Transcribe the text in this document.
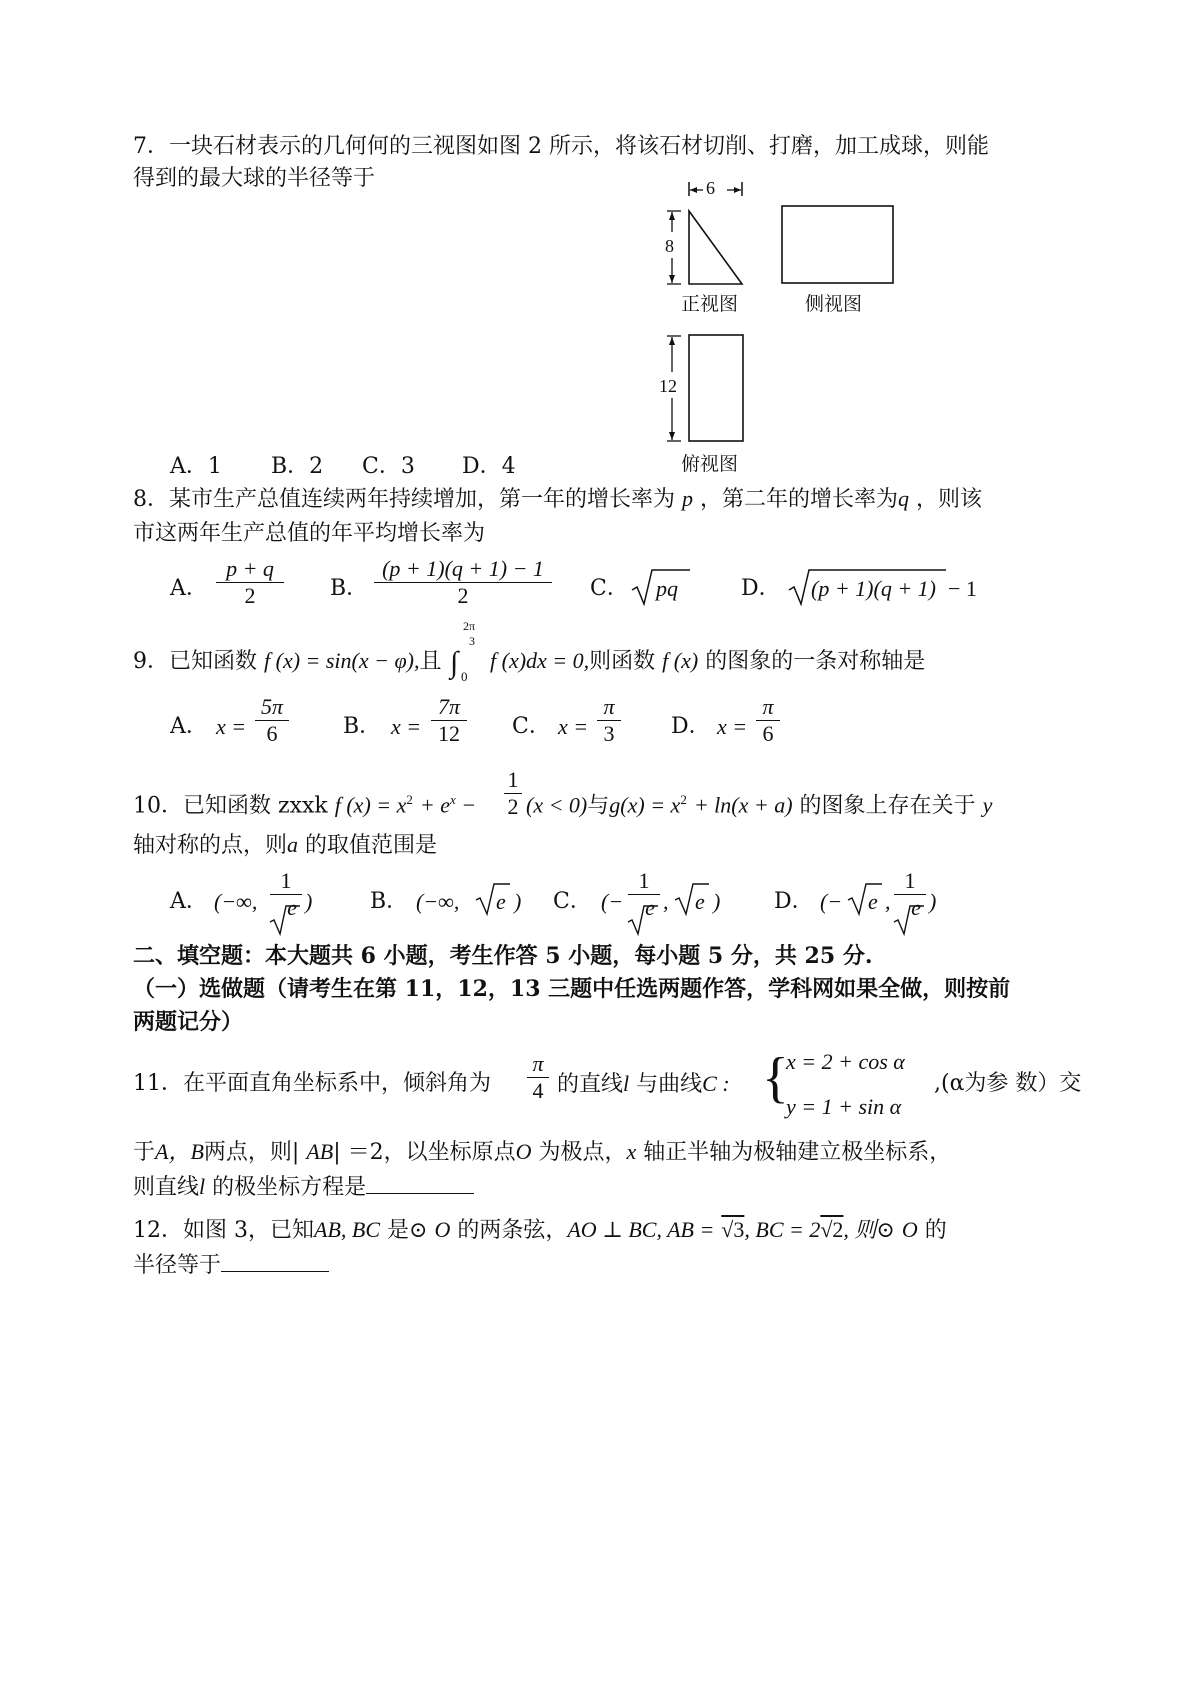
7．一块石材表示的几何何的三视图如图 2 所示，将该石材切削、打磨，加工成球，则能
得到的最大球的半径等于	6
8
12
正视图	侧视图
俯视图
A．1 B．2 C．3 D．4
8．某市生产总值连续两年持续增加，第一年的增长率为 p ，第二年的增长率为q ，则该
市这两年生产总值的年平均增长率为
A．
p + q
2	B．
(p + 1)(q + 1) − 1
2	C． pq	D． (p + 1)(q + 1) − 1
9．已知函数 f (x) = sin(x − φ),且 ∫
2π
3
0
f (x)dx = 0,则函数 f (x) 的图象的一条对称轴是
A． x =
5π
6	B． x =
7π
12	C． x =
π
3	D． x =
π
6
10．已知函数 zxxk f $(x) = x^2 + e^x$ −
1
2 (x < 0)与$g(x) = x^2 + \ln(x + a)$ 的图象上存在关于 y
轴对称的点，则a 的取值范围是
A． (−∞,
1
e )	B． (−∞, e ) C． (−
1
e , e ) D． (− e ,
1
e )
二、填空题：本大题共 6 小题，考生作答 5 小题，每小题 5 分，共 25 分.
（一）选做题（请考生在第 11，12，13 三题中任选两题作答，学科网如果全做，则按前
两题记分）
11．在平面直角坐标系中，倾斜角为
π
4 的直线l 与曲线C : {
x = 2 + cos α
y = 1 + sin α
,(α为参 数）交
于A，B两点，则| AB| ＝2，以坐标原点O 为极点，x 轴正半轴为极轴建立极坐标系，
则直线l 的极坐标方程是
12．如图 3，已知AB, BC 是⊙ O 的两条弦，AO ⊥ BC, AB = √3, BC = 2√2, 则⊙ O 的
半径等于
